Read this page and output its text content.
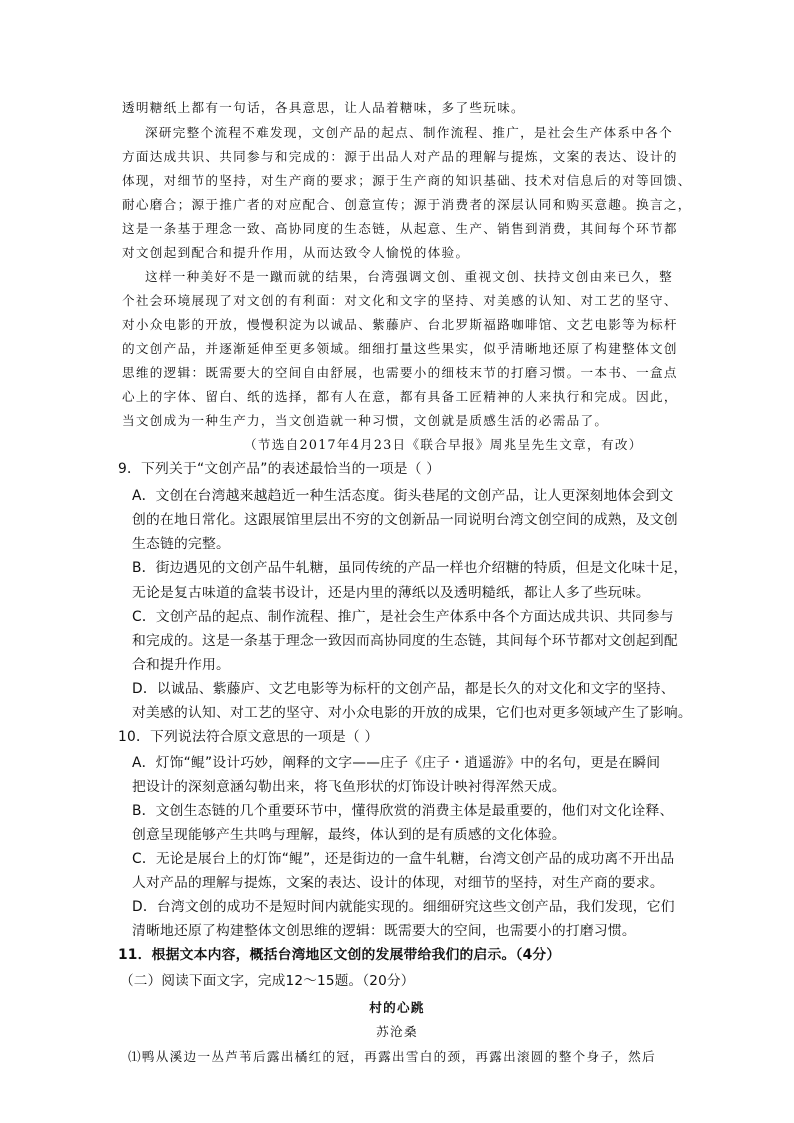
透明糖纸上都有一句话，各具意思，让人品着糖味，多了些玩味。
深研完整个流程不难发现，文创产品的起点、制作流程、推广，是社会生产体系中各个
方面达成共识、共同参与和完成的：源于出品人对产品的理解与提炼，文案的表达、设计的
体现，对细节的坚持，对生产商的要求；源于生产商的知识基础、技术对信息后的对等回馈、
耐心磨合；源于推广者的对应配合、创意宣传；源于消费者的深层认同和购买意趣。换言之，
这是一条基于理念一致、高协同度的生态链，从起意、生产、销售到消费，其间每个环节都
对文创起到配合和提升作用，从而达致令人愉悦的体验。
这样一种美好不是一蹴而就的结果，台湾强调文创、重视文创、扶持文创由来已久，整
个社会环境展现了对文创的有利面：对文化和文字的坚持、对美感的认知、对工艺的坚守、
对小众电影的开放，慢慢积淀为以诚品、紫藤庐、台北罗斯福路咖啡馆、文艺电影等为标杆
的文创产品，并逐渐延伸至更多领域。细细打量这些果实，似乎清晰地还原了构建整体文创
思维的逻辑：既需要大的空间自由舒展，也需要小的细枝末节的打磨习惯。一本书、一盒点
心上的字体、留白、纸的选择，都有人在意，都有具备工匠精神的人来执行和完成。因此，
当文创成为一种生产力，当文创造就一种习惯，文创就是质感生活的必需品了。
（节选自2017年4月23日《联合早报》周兆呈先生文章，有改）
9．下列关于“文创产品”的表述最恰当的一项是（ ）
A．文创在台湾越来越趋近一种生活态度。街头巷尾的文创产品，让人更深刻地体会到文
创的在地日常化。这跟展馆里层出不穷的文创新品一同说明台湾文创空间的成熟，及文创
生态链的完整。
B．街边遇见的文创产品牛轧糖，虽同传统的产品一样也介绍糖的特质，但是文化味十足，
无论是复古味道的盒装书设计，还是内里的薄纸以及透明糙纸，都让人多了些玩味。
C．文创产品的起点、制作流程、推广，是社会生产体系中各个方面达成共识、共同参与
和完成的。这是一条基于理念一致因而高协同度的生态链，其间每个环节都对文创起到配
合和提升作用。
D．以诚品、紫藤庐、文艺电影等为标杆的文创产品，都是长久的对文化和文字的坚持、
对美感的认知、对工艺的坚守、对小众电影的开放的成果，它们也对更多领域产生了影响。
10．下列说法符合原文意思的一项是（ ）
A．灯饰“鲲”设计巧妙，阐释的文字——庄子《庄子・逍遥游》中的名句，更是在瞬间
把设计的深刻意涵勾勒出来，将飞鱼形状的灯饰设计映衬得浑然天成。
B．文创生态链的几个重要环节中，懂得欣赏的消费主体是最重要的，他们对文化诠释、
创意呈现能够产生共鸣与理解，最终，体认到的是有质感的文化体验。
C．无论是展台上的灯饰“鲲”，还是街边的一盒牛轧糖，台湾文创产品的成功离不开出品
人对产品的理解与提炼，文案的表达、设计的体现，对细节的坚持，对生产商的要求。
D．台湾文创的成功不是短时间内就能实现的。细细研究这些文创产品，我们发现，它们
清晰地还原了构建整体文创思维的逻辑：既需要大的空间，也需要小的打磨习惯。
11．根据文本内容，概括台湾地区文创的发展带给我们的启示。（4分）
（二）阅读下面文字，完成12～15题。（20分）
村的心跳
苏沧桑
⑴鸭从溪边一丛芦苇后露出橘红的冠，再露出雪白的颈，再露出滚圆的整个身子，然后
